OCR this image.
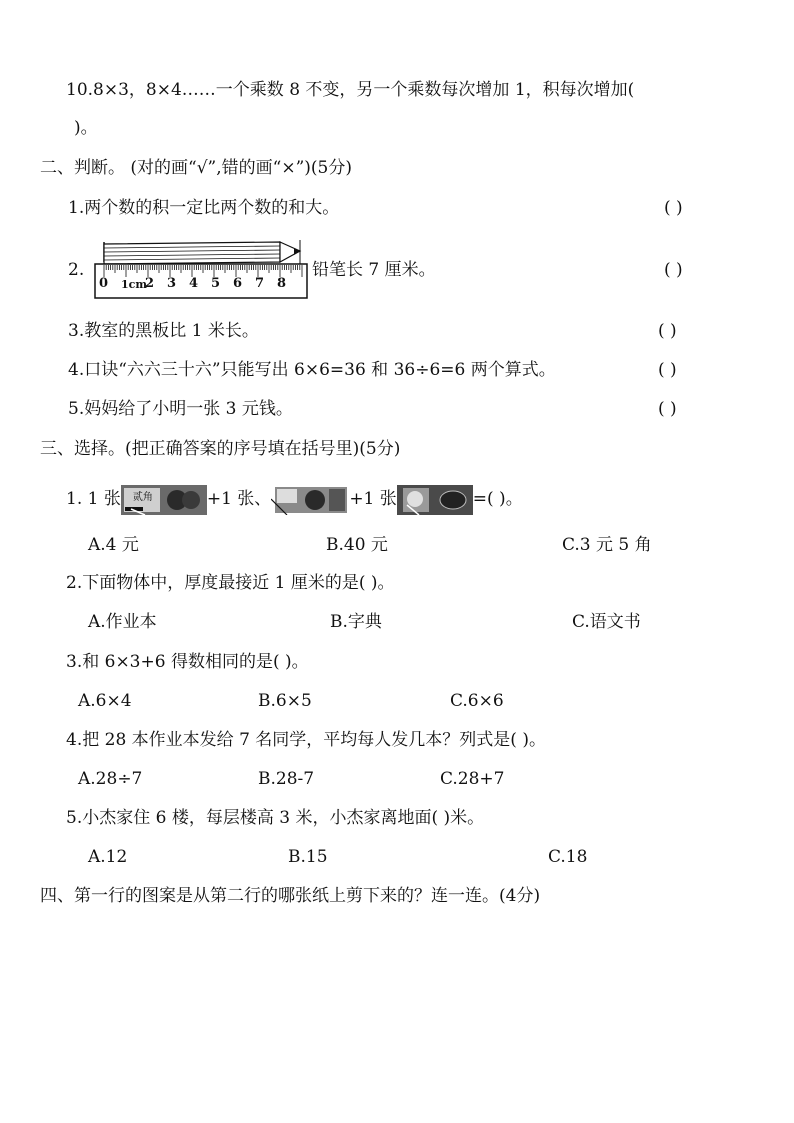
10.8×3，8×4……一个乘数 8 不变，另一个乘数每次增加 1，积每次增加(
)。
二、判断。 (对的画“√”,错的画“×”)(5分)
1.两个数的积一定比两个数的和大。	( )
2.
0 1cm
2 3 4 5 6 7 8
铅笔长 7 厘米。	( )
3.教室的黑板比 1 米长。	( )
4.口诀“六六三十六”只能写出 6×6=36 和 36÷6=6 两个算式。	( )
5.妈妈给了小明一张 3 元钱。	( )
三、选择。(把正确答案的序号填在括号里)(5分)
1. 1 张 贰角	+1 张、	+1 张	=( )。
A.4 元	B.40 元	C.3 元 5 角
2.下面物体中，厚度最接近 1 厘米的是( )。
A.作业本	B.字典	C.语文书
3.和 6×3+6 得数相同的是( )。
A.6×4	B.6×5	C.6×6
4.把 28 本作业本发给 7 名同学，平均每人发几本？列式是( )。
A.28÷7	B.28-7	C.28+7
5.小杰家住 6 楼，每层楼高 3 米，小杰家离地面( )米。
A.12	B.15	C.18
四、第一行的图案是从第二行的哪张纸上剪下来的？连一连。(4分)
